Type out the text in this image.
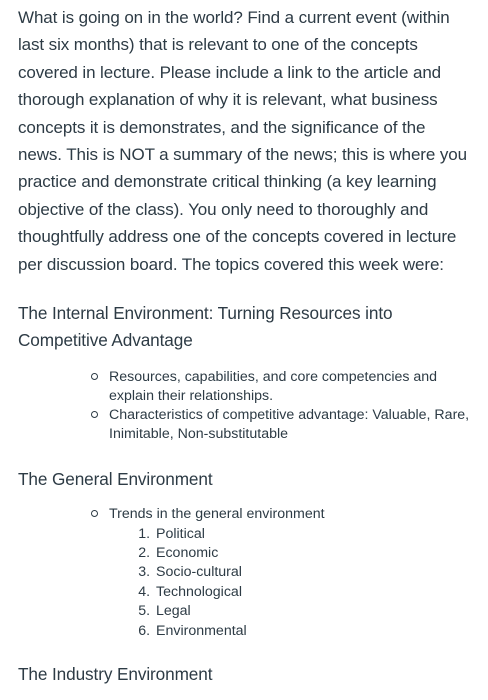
What is going on in the world? Find a current event (within last six months) that is relevant to one of the concepts covered in lecture. Please include a link to the article and thorough explanation of why it is relevant, what business concepts it is demonstrates, and the significance of the news. This is NOT a summary of the news; this is where you practice and demonstrate critical thinking (a key learning objective of the class). You only need to thoroughly and thoughtfully address one of the concepts covered in lecture per discussion board. The topics covered this week were:

The Internal Environment: Turning Resources into Competitive Advantage

Resources, capabilities, and core competencies and explain their relationships.
Characteristics of competitive advantage: Valuable, Rare, Inimitable, Non-substitutable

The General Environment

Trends in the general environment
1. Political
2. Economic
3. Socio-cultural
4. Technological
5. Legal
6. Environmental

The Industry Environment
